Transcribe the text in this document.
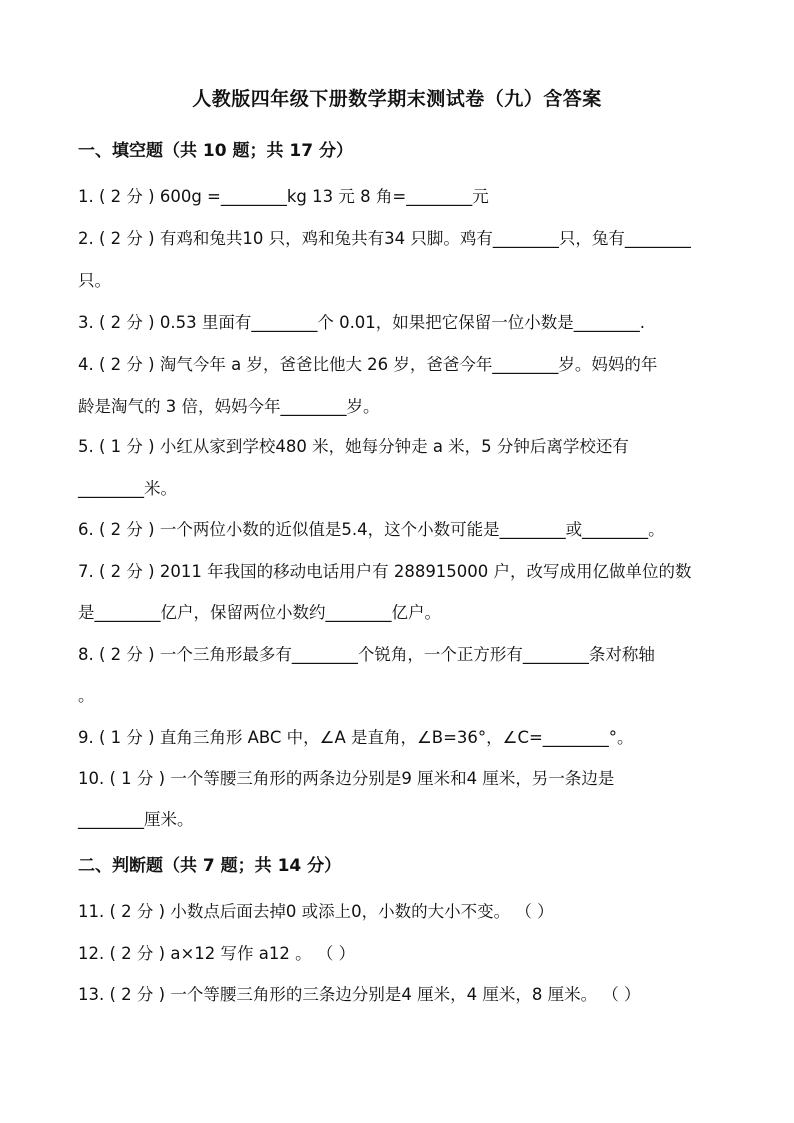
人教版四年级下册数学期末测试卷（九）含答案
一、填空题（共 10 题；共 17 分）
1. ( 2 分 ) 600g =________kg 13 元 8 角=________元
2. ( 2 分 ) 有鸡和兔共10 只，鸡和兔共有34 只脚。鸡有________只，兔有________
只。
3. ( 2 分 ) 0.53 里面有________个 0.01，如果把它保留一位小数是________.
4. ( 2 分 ) 淘气今年 a 岁，爸爸比他大 26 岁，爸爸今年________岁。妈妈的年
龄是淘气的 3 倍，妈妈今年________岁。
5. ( 1 分 ) 小红从家到学校480 米，她每分钟走 a 米，5 分钟后离学校还有
________米。
6. ( 2 分 ) 一个两位小数的近似值是5.4，这个小数可能是________或________。
7. ( 2 分 ) 2011 年我国的移动电话用户有 288915000 户，改写成用亿做单位的数
是________亿户，保留两位小数约________亿户。
8. ( 2 分 ) 一个三角形最多有________个锐角，一个正方形有________条对称轴
。
9. ( 1 分 ) 直角三角形 ABC 中，∠A 是直角，∠B=36°，∠C=________°。
10. ( 1 分 ) 一个等腰三角形的两条边分别是9 厘米和4 厘米，另一条边是
________厘米。
二、判断题（共 7 题；共 14 分）
11. ( 2 分 ) 小数点后面去掉0 或添上0，小数的大小不变。 （ ）
12. ( 2 分 ) a×12 写作 a12 。 （ ）
13. ( 2 分 ) 一个等腰三角形的三条边分别是4 厘米，4 厘米，8 厘米。 （ ）
